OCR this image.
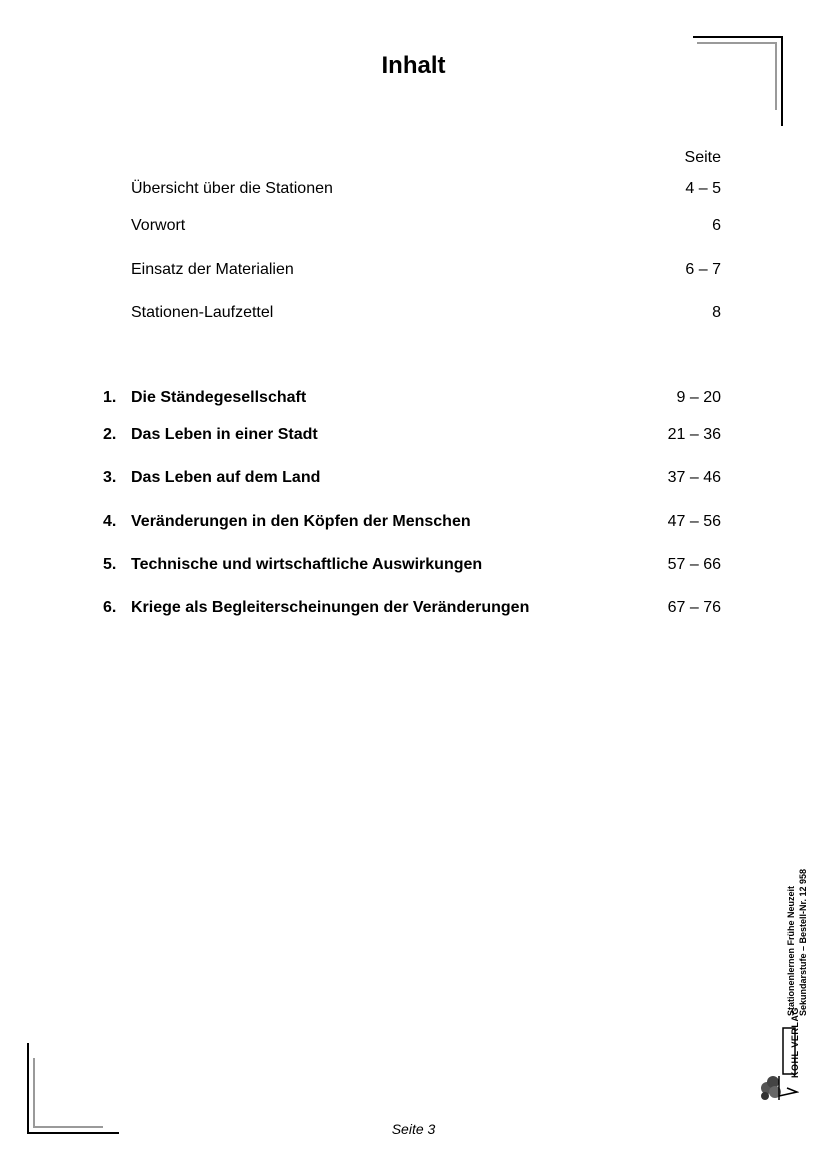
Inhalt
Seite
Übersicht über die Stationen	4 – 5
Vorwort	6
Einsatz der Materialien	6 – 7
Stationen-Laufzettel	8
1. Die Ständegesellschaft	9 – 20
2. Das Leben in einer Stadt	21 – 36
3. Das Leben auf dem Land	37 – 46
4. Veränderungen in den Köpfen der Menschen	47 – 56
5. Technische und wirtschaftliche Auswirkungen	57 – 66
6. Kriege als Begleiterscheinungen der Veränderungen	67 – 76
Stationenlernen Frühe Neuzeit Sekundarstufe – Bestell-Nr. 12 958
KOHL VERLAG
Seite 3
